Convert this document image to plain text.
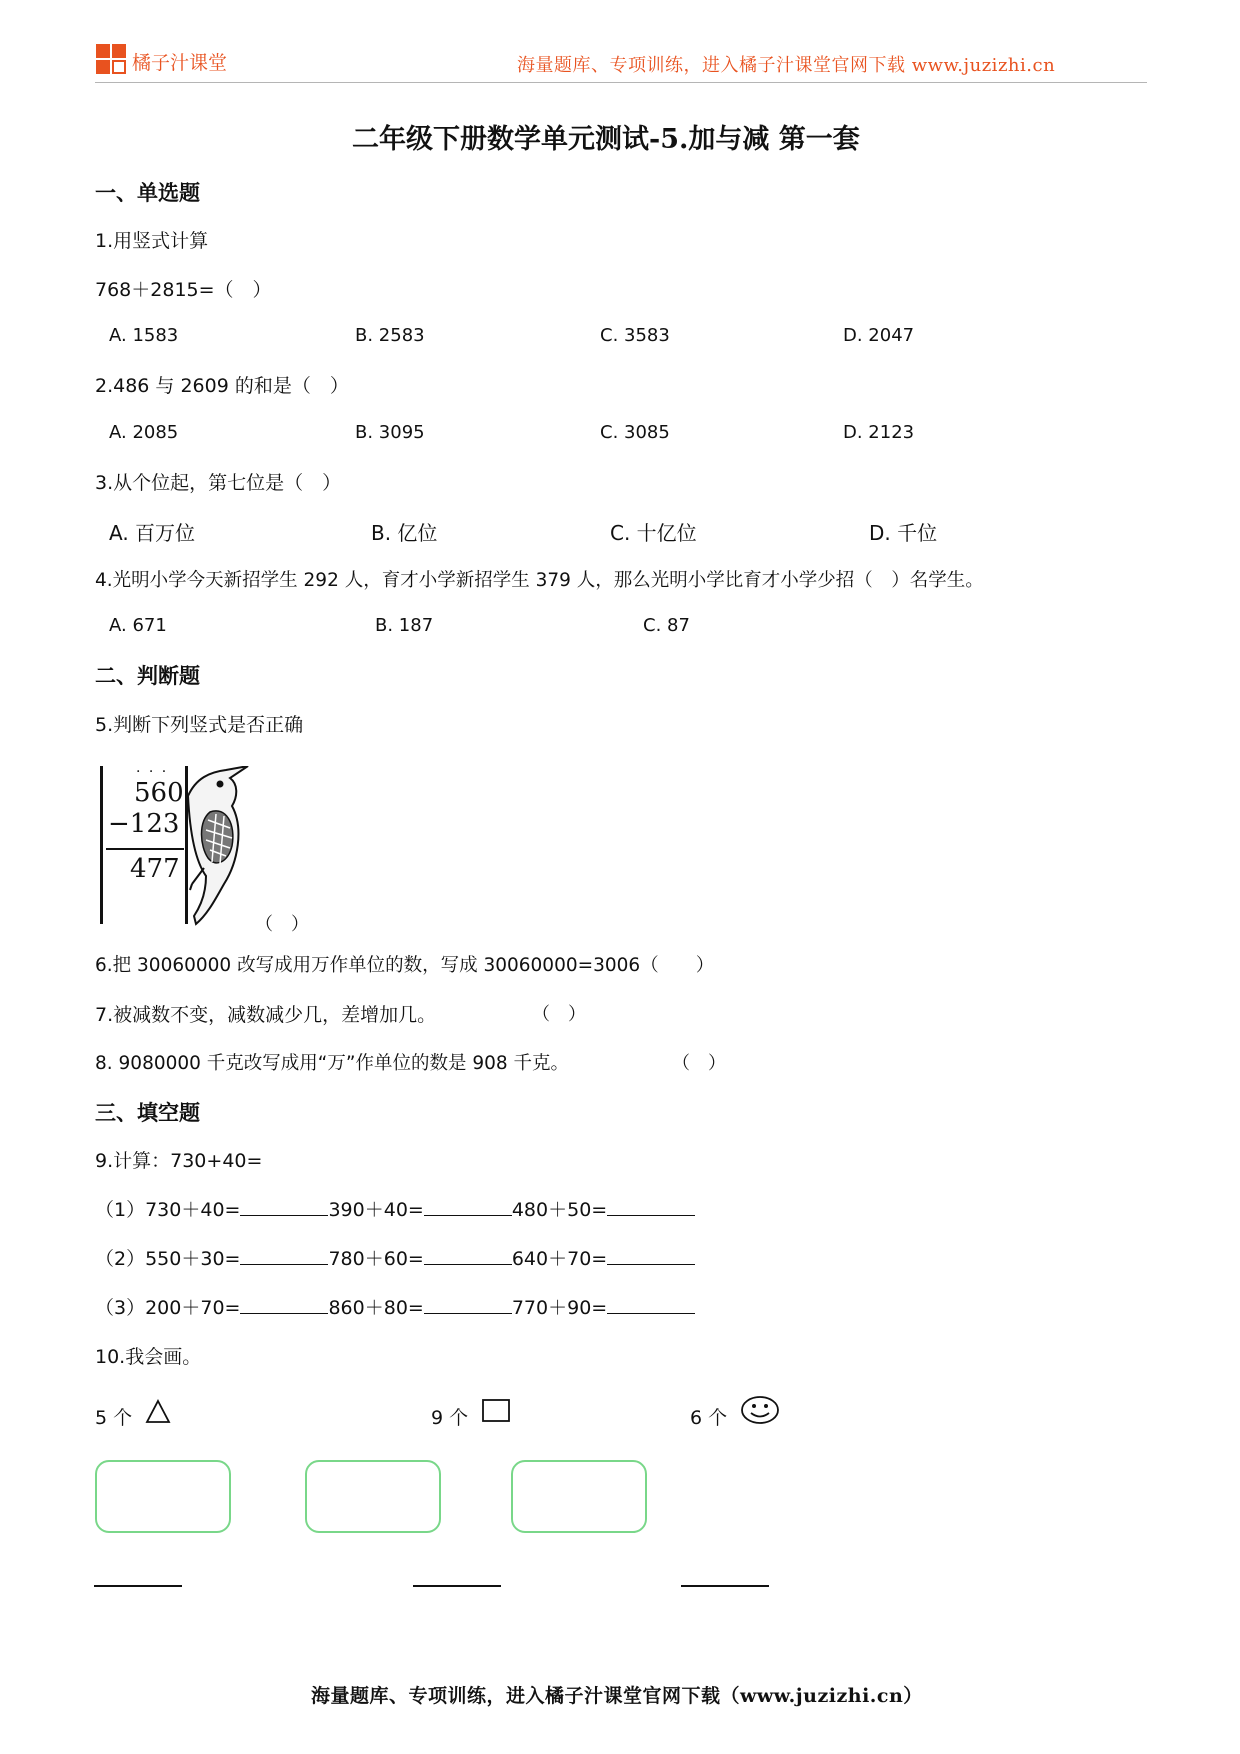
橘子汁课堂	海量题库、专项训练，进入橘子汁课堂官网下载 www.juzizhi.cn
二年级下册数学单元测试-5.加与减 第一套
一、单选题
1.用竖式计算
768＋2815=（　）
A. 1583	B. 2583	C. 3583	D. 2047
2.486 与 2609 的和是（　）
A. 2085	B. 3095	C. 3085	D. 2123
3.从个位起，第七位是（　）
A. 百万位	B. 亿位	C. 十亿位	D. 千位
4.光明小学今天新招学生 292 人，育才小学新招学生 379 人，那么光明小学比育才小学少招（　）名学生。
A. 671	B. 187	C. 87
二、判断题
5.判断下列竖式是否正确
· · ·
560
−123
477
（　）
6.把 30060000 改写成用万作单位的数，写成 30060000=3006（　　）
7.被减数不变，减数减少几，差增加几。	（　）
8. 9080000 千克改写成用“万”作单位的数是 908 千克。	（　）
三、填空题
9.计算：730+40=
（1）730＋40=	390＋40=	480＋50=
（2）550＋30=	780＋60=	640＋70=
（3）200＋70=	860＋80=	770＋90=
10.我会画。
5 个	9 个	6 个
海量题库、专项训练，进入橘子汁课堂官网下载（www.juzizhi.cn）
